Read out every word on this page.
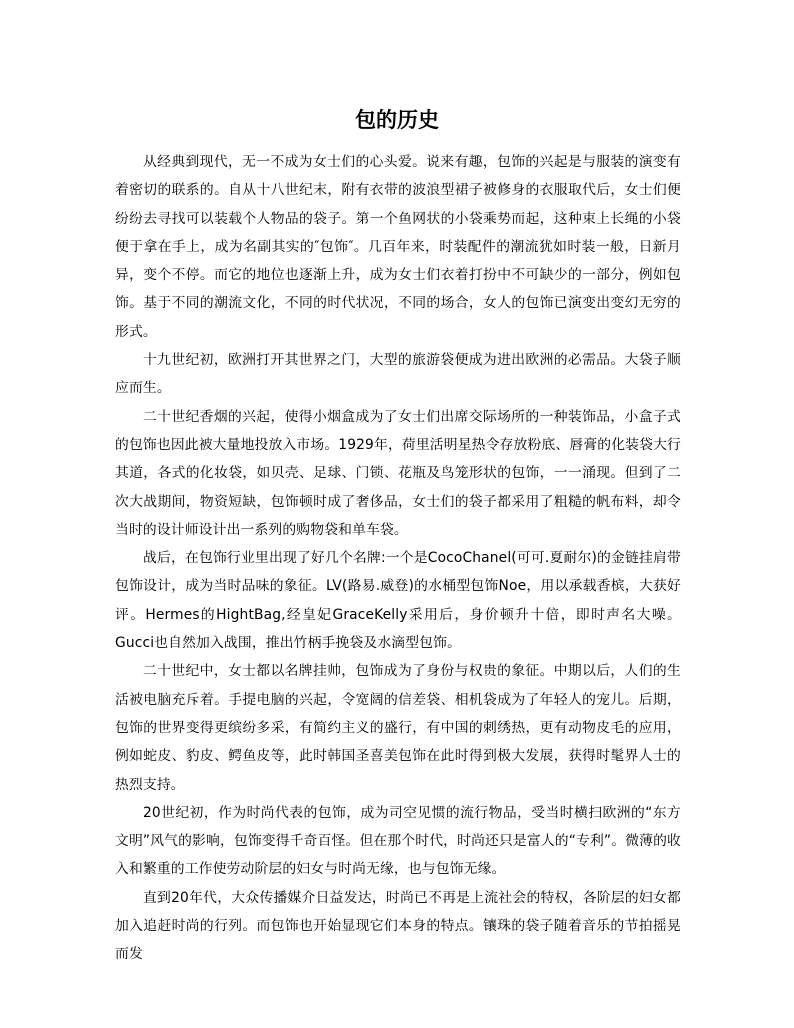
包的历史

从经典到现代，无一不成为女士们的心头爱。说来有趣，包饰的兴起是与服装的演变有着密切的联系的。自从十八世纪末，附有衣带的波浪型裙子被修身的衣服取代后，女士们便纷纷去寻找可以装载个人物品的袋子。第一个鱼网状的小袋乘势而起，这种束上长绳的小袋便于拿在手上，成为名副其实的″包饰″。几百年来，时装配件的潮流犹如时装一般，日新月异，变个不停。而它的地位也逐渐上升，成为女士们衣着打扮中不可缺少的一部分，例如包饰。基于不同的潮流文化，不同的时代状况，不同的场合，女人的包饰已演变出变幻无穷的形式。

十九世纪初，欧洲打开其世界之门，大型的旅游袋便成为进出欧洲的必需品。大袋子顺应而生。

二十世纪香烟的兴起，使得小烟盒成为了女士们出席交际场所的一种装饰品，小盒子式的包饰也因此被大量地投放入市场。1929年，荷里活明星热令存放粉底、唇膏的化装袋大行其道，各式的化妆袋，如贝壳、足球、门锁、花瓶及鸟笼形状的包饰，一一涌现。但到了二次大战期间，物资短缺，包饰顿时成了奢侈品，女士们的袋子都采用了粗糙的帆布料，却令当时的设计师设计出一系列的购物袋和单车袋。

战后，在包饰行业里出现了好几个名牌:一个是CocoChanel(可可.夏耐尔)的金链挂肩带包饰设计，成为当时品味的象征。LV(路易.威登)的水桶型包饰Noe，用以承载香槟，大获好评。Hermes的HightBag,经皇妃GraceKelly采用后，身价顿升十倍，即时声名大噪。Gucci也自然加入战围，推出竹柄手挽袋及水滴型包饰。

二十世纪中，女士都以名牌挂帅，包饰成为了身份与权贵的象征。中期以后，人们的生活被电脑充斥着。手提电脑的兴起，令宽阔的信差袋、相机袋成为了年轻人的宠儿。后期，包饰的世界变得更缤纷多采，有简约主义的盛行，有中国的刺绣热，更有动物皮毛的应用，例如蛇皮、豹皮、鳄鱼皮等，此时韩国圣喜美包饰在此时得到极大发展，获得时髦界人士的热烈支持。

20世纪初，作为时尚代表的包饰，成为司空见惯的流行物品，受当时横扫欧洲的“东方文明”风气的影响，包饰变得千奇百怪。但在那个时代，时尚还只是富人的“专利”。微薄的收入和繁重的工作使劳动阶层的妇女与时尚无缘，也与包饰无缘。

直到20年代，大众传播媒介日益发达，时尚已不再是上流社会的特权，各阶层的妇女都加入追赶时尚的行列。而包饰也开始显现它们本身的特点。镶珠的袋子随着音乐的节拍摇晃而发
